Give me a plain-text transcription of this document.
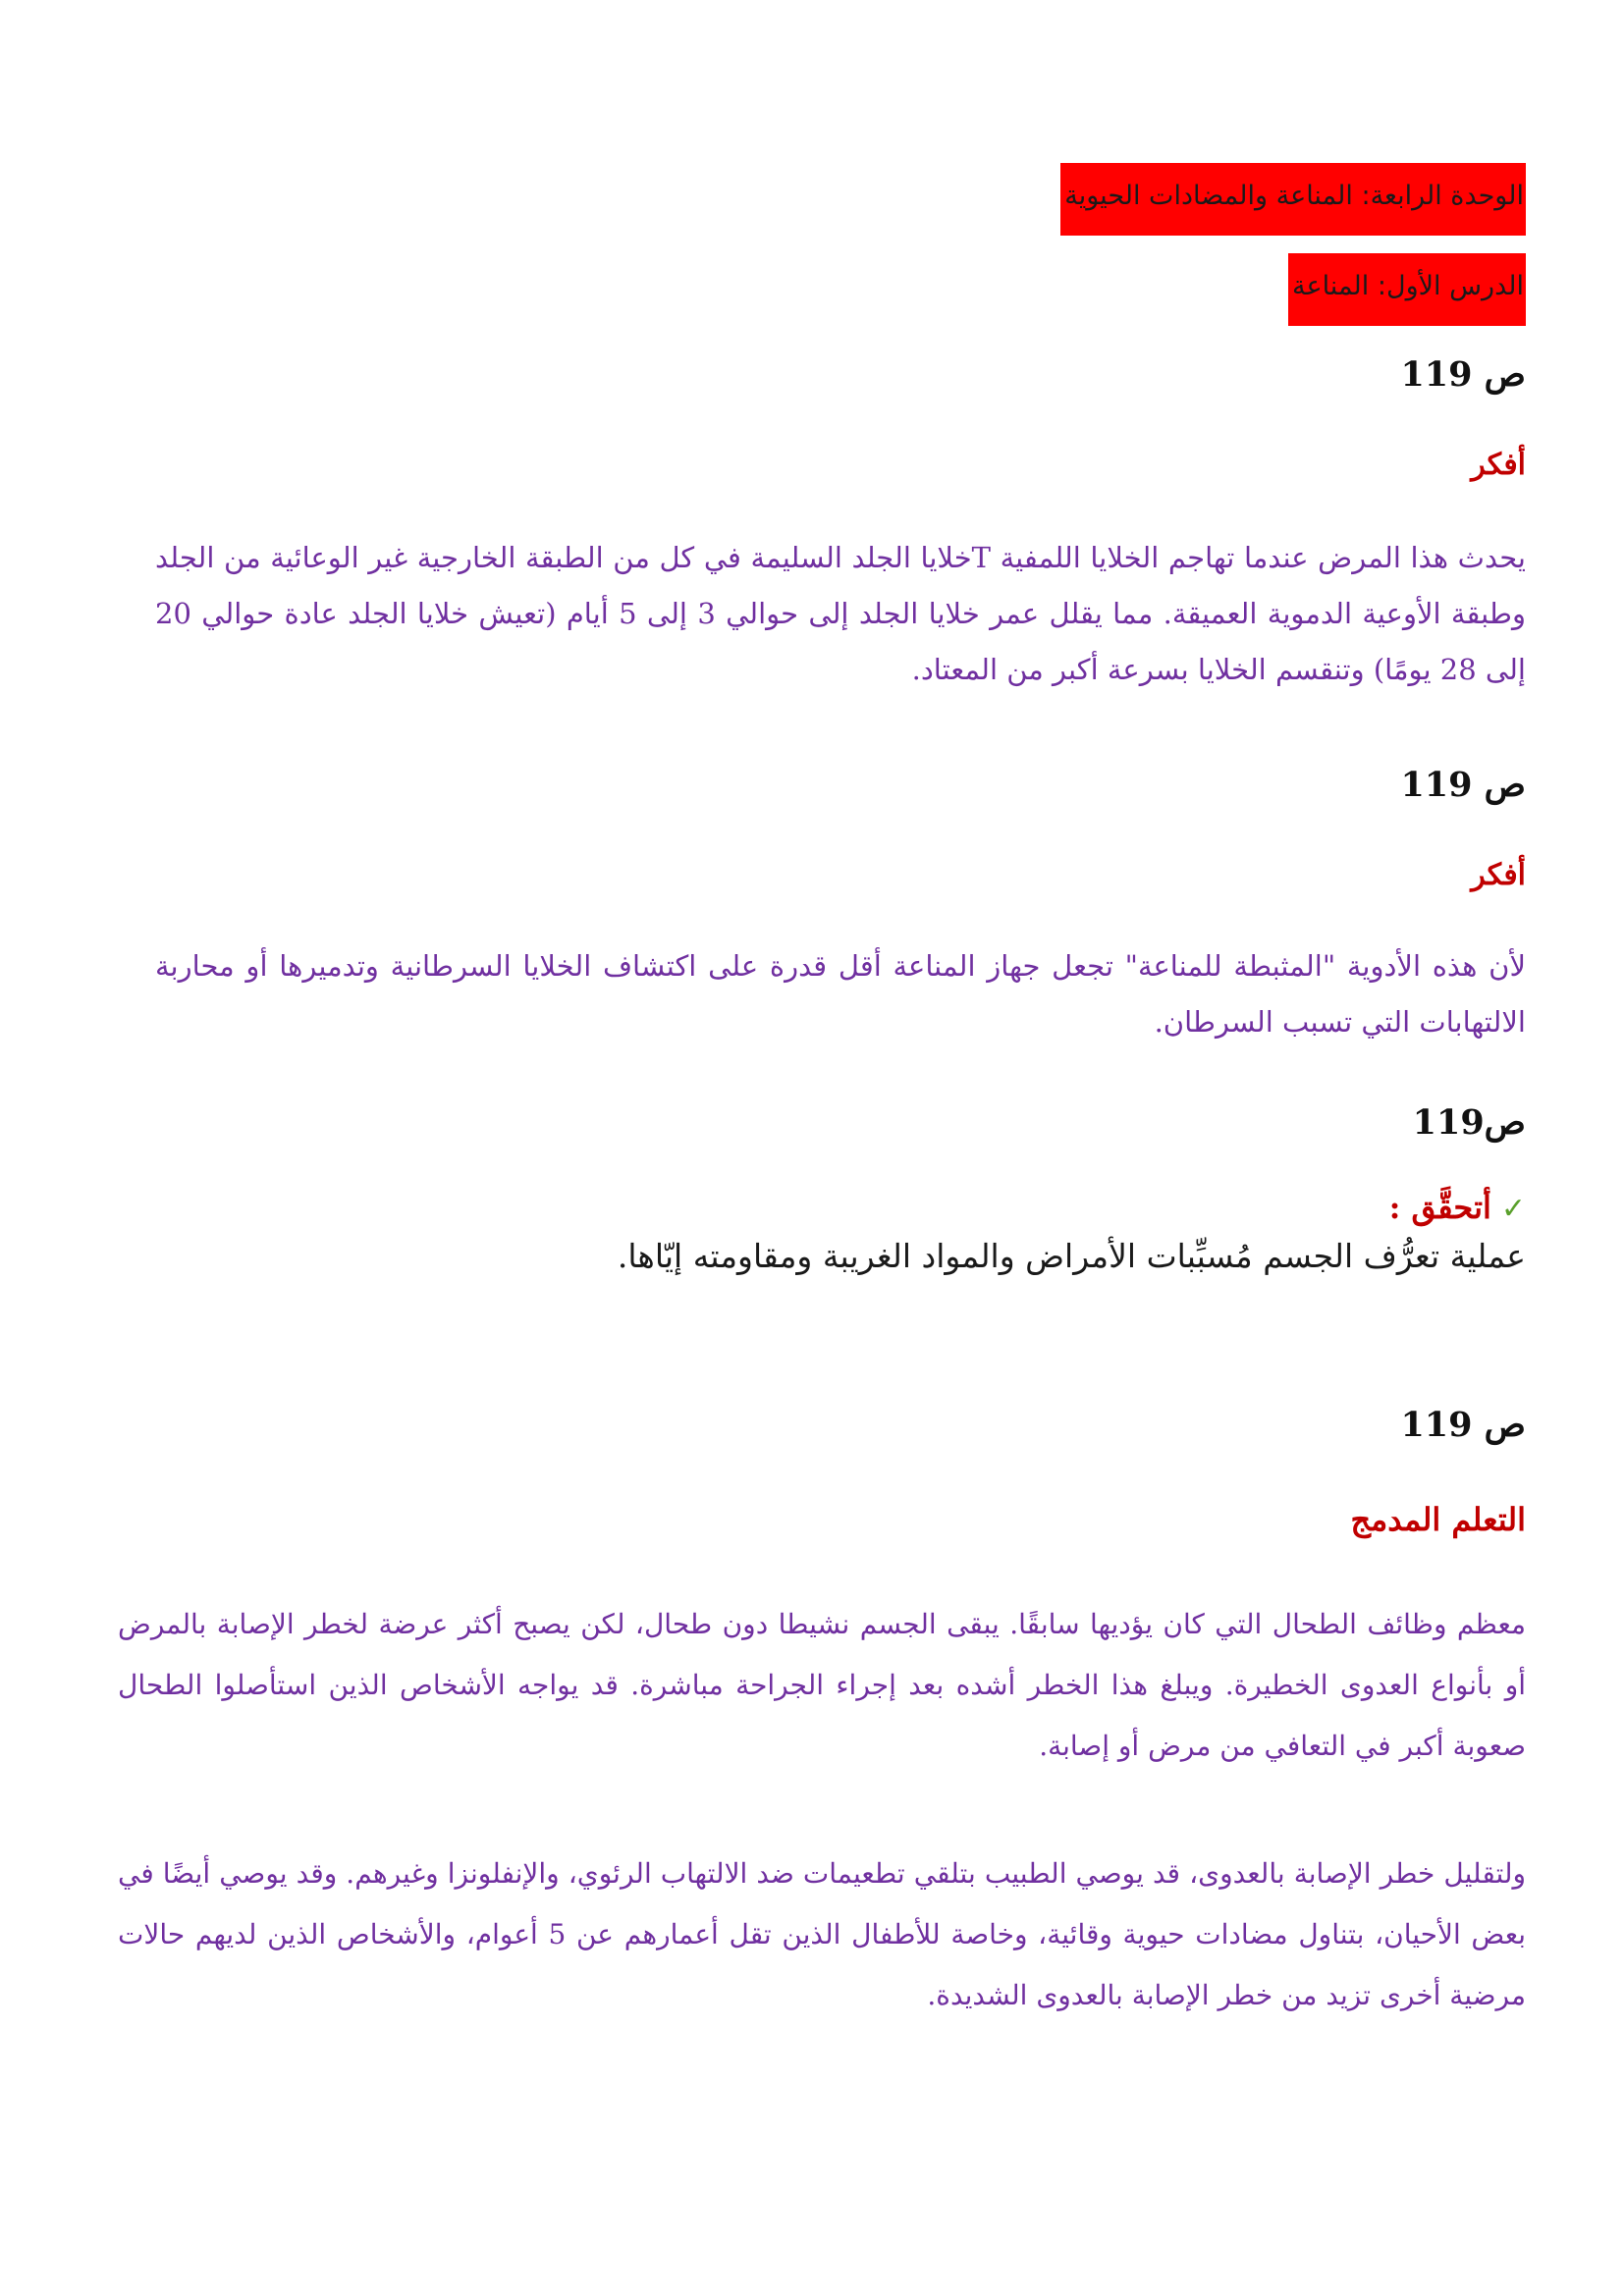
الوحدة الرابعة: المناعة والمضادات الحيوية
الدرس الأول: المناعة
ص 119
أفكر
يحدث هذا المرض عندما تهاجم الخلايا اللمفية Tخلايا الجلد السليمة في كل من الطبقة الخارجية غير الوعائية من الجلد وطبقة الأوعية الدموية العميقة. مما يقلل عمر خلايا الجلد إلى حوالي 3 إلى 5 أيام (تعيش خلايا الجلد عادة حوالي 20 إلى 28 يومًا) وتنقسم الخلايا بسرعة أكبر من المعتاد.
ص 119
أفكر
لأن هذه الأدوية "المثبطة للمناعة" تجعل جهاز المناعة أقل قدرة على اكتشاف الخلايا السرطانية وتدميرها أو محاربة الالتهابات التي تسبب السرطان.
ص119
✓أتحقَّق :
عملية تعرُّف الجسم مُسبِّبات الأمراض والمواد الغريبة ومقاومته إيّاها.
ص 119
التعلم المدمج
معظم وظائف الطحال التي كان يؤديها سابقًا. يبقى الجسم نشيطا دون طحال، لكن يصبح أكثر عرضة لخطر الإصابة بالمرض أو بأنواع العدوى الخطيرة. ويبلغ هذا الخطر أشده بعد إجراء الجراحة مباشرة. قد يواجه الأشخاص الذين استأصلوا الطحال صعوبة أكبر في التعافي من مرض أو إصابة.
ولتقليل خطر الإصابة بالعدوى، قد يوصي الطبيب بتلقي تطعيمات ضد الالتهاب الرئوي، والإنفلونزا وغيرهم. وقد يوصي أيضًا في بعض الأحيان، بتناول مضادات حيوية وقائية، وخاصة للأطفال الذين تقل أعمارهم عن 5 أعوام، والأشخاص الذين لديهم حالات مرضية أخرى تزيد من خطر الإصابة بالعدوى الشديدة.
